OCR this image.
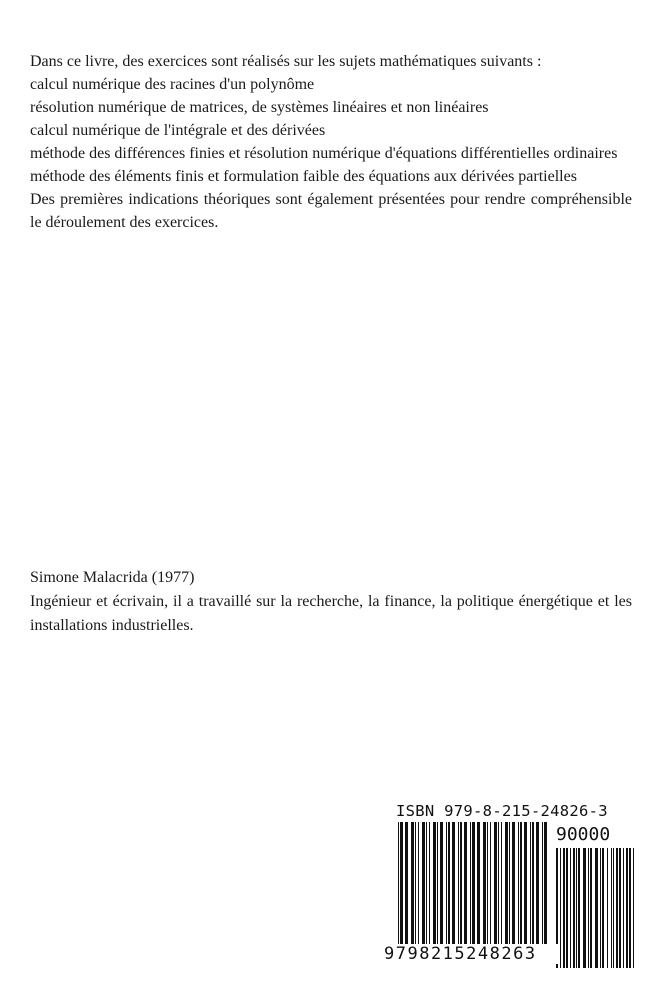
Dans ce livre, des exercices sont réalisés sur les sujets mathématiques suivants :

calcul numérique des racines d'un polynôme

résolution numérique de matrices, de systèmes linéaires et non linéaires

calcul numérique de l'intégrale et des dérivées

méthode des différences finies et résolution numérique d'équations différentielles ordinaires

méthode des éléments finis et formulation faible des équations aux dérivées partielles

Des premières indications théoriques sont également présentées pour rendre compréhensible le déroulement des exercices.

Simone Malacrida (1977)

Ingénieur et écrivain, il a travaillé sur la recherche, la finance, la politique énergétique et les installations industrielles.

ISBN 979-8-215-24826-3
90000
9798215248263
